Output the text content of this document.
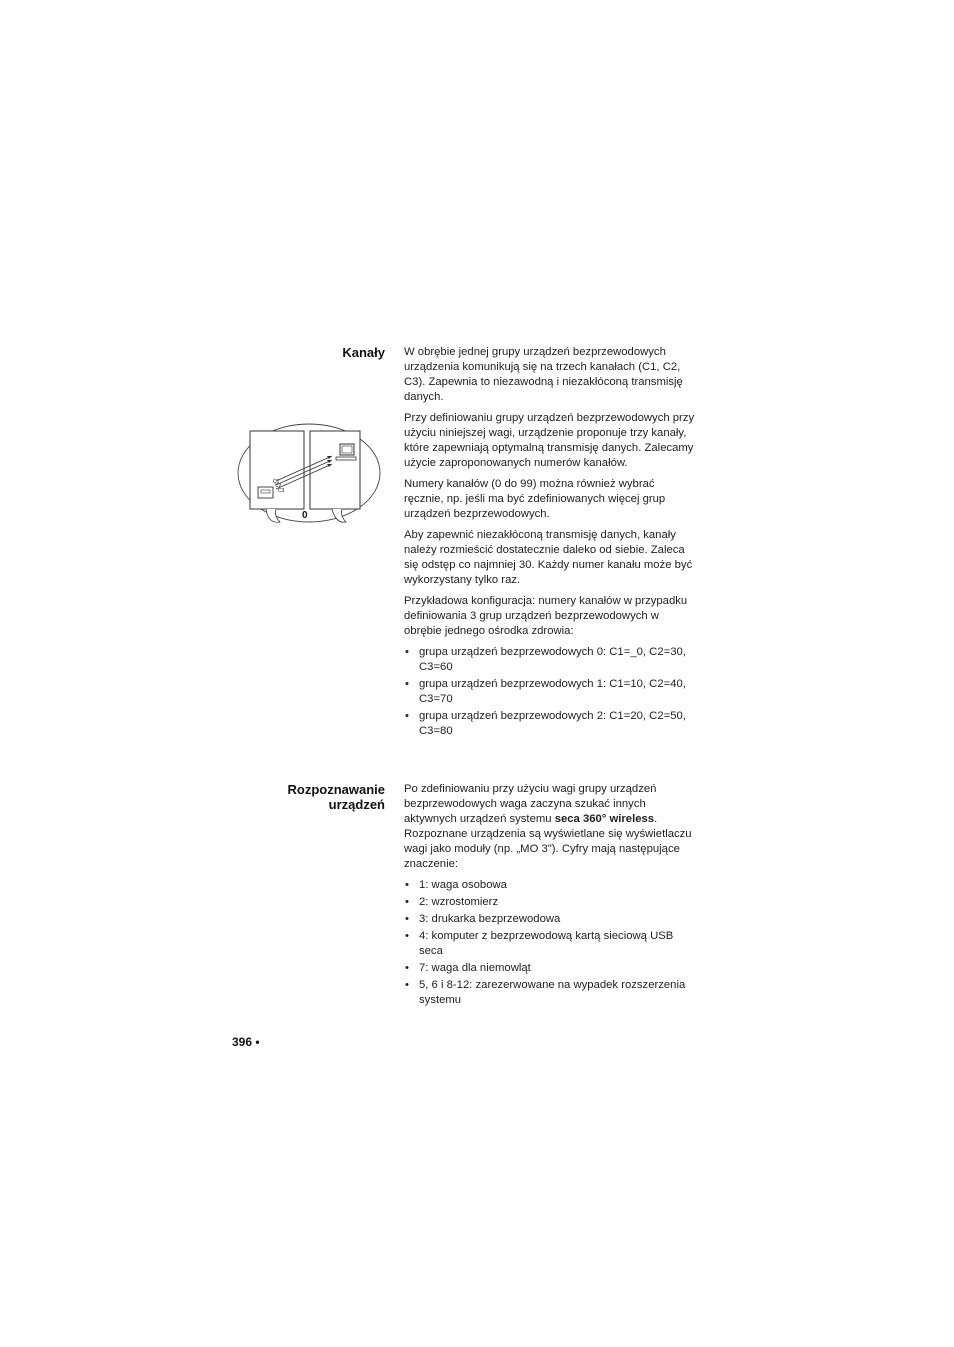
Kanały
C1
C2
C3
0

W obrębie jednej grupy urządzeń bezprzewodowych urządzenia komunikują się na trzech kanałach (C1, C2, C3). Zapewnia to niezawodną i niezakłóconą transmisję danych.

Przy definiowaniu grupy urządzeń bezprzewodowych przy użyciu niniejszej wagi, urządzenie proponuje trzy kanały, które zapewniają optymalną transmisję danych. Zalecamy użycie zaproponowanych numerów kanałów.

Numery kanałów (0 do 99) można również wybrać ręcznie, np. jeśli ma być zdefiniowanych więcej grup urządzeń bezprzewodowych.

Aby zapewnić niezakłóconą transmisję danych, kanały należy rozmieścić dostatecznie daleko od siebie. Zaleca się odstęp co najmniej 30. Każdy numer kanału może być wykorzystany tylko raz.

Przykładowa konfiguracja: numery kanałów w przypadku definiowania 3 grup urządzeń bezprzewodowych w obrębie jednego ośrodka zdrowia:

• grupa urządzeń bezprzewodowych 0: C1=_0, C2=30, C3=60
• grupa urządzeń bezprzewodowych 1: C1=10, C2=40, C3=70
• grupa urządzeń bezprzewodowych 2: C1=20, C2=50, C3=80
Rozpoznawanie
urządzeń

Po zdefiniowaniu przy użyciu wagi grupy urządzeń bezprzewodowych waga zaczyna szukać innych aktywnych urządzeń systemu seca 360° wireless. Rozpoznane urządzenia są wyświetlane się wyświetlaczu wagi jako moduły (np. „MO 3"). Cyfry mają następujące znaczenie:

• 1: waga osobowa
• 2: wzrostomierz
• 3: drukarka bezprzewodowa
• 4: komputer z bezprzewodową kartą sieciową USB seca
• 7: waga dla niemowląt
• 5, 6 i 8-12: zarezerwowane na wypadek rozszerzenia systemu
396 •
